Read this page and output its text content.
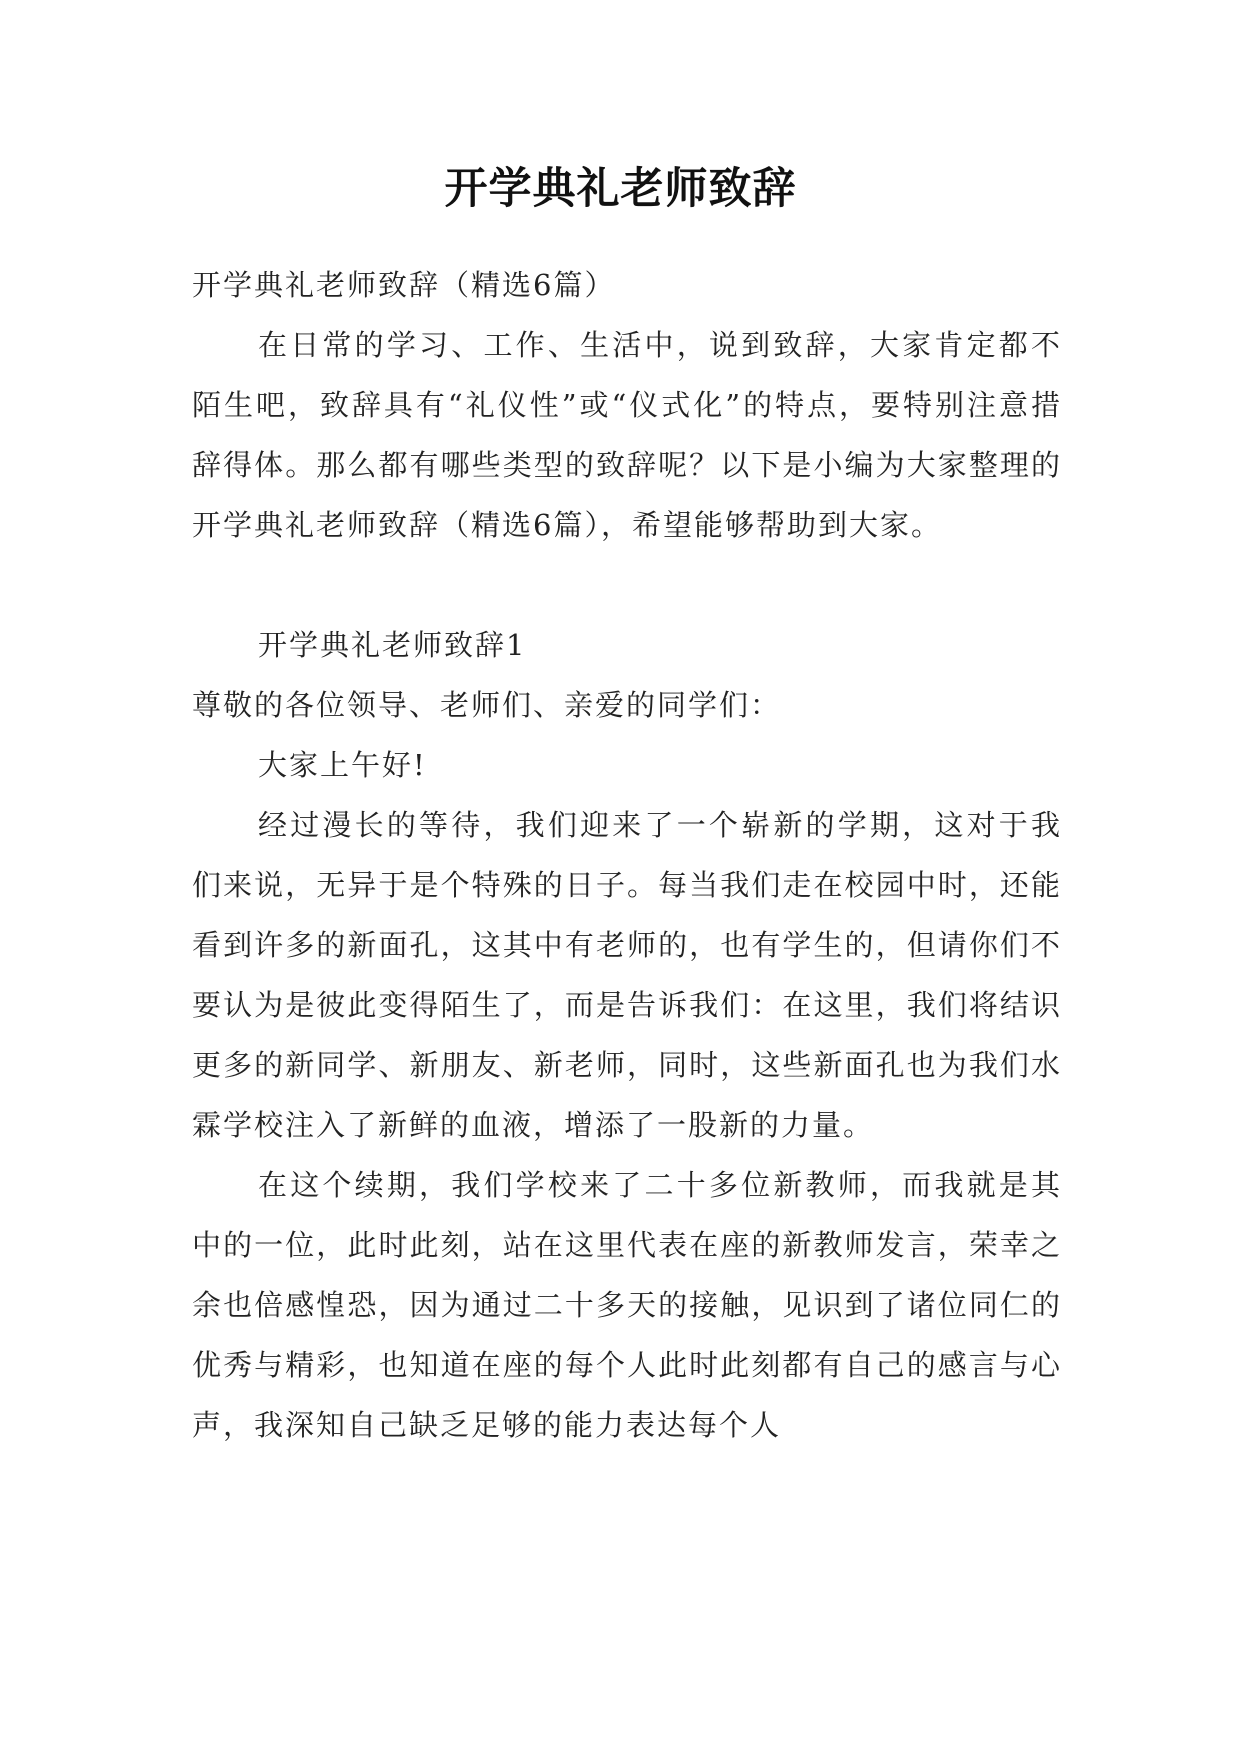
开学典礼老师致辞

开学典礼老师致辞（精选6篇）

在日常的学习、工作、生活中，说到致辞，大家肯定都不陌生吧，致辞具有“礼仪性”或“仪式化”的特点，要特别注意措辞得体。那么都有哪些类型的致辞呢？以下是小编为大家整理的开学典礼老师致辞（精选6篇），希望能够帮助到大家。

开学典礼老师致辞1

尊敬的各位领导、老师们、亲爱的同学们：

大家上午好!

经过漫长的等待，我们迎来了一个崭新的学期，这对于我们来说，无异于是个特殊的日子。每当我们走在校园中时，还能看到许多的新面孔，这其中有老师的，也有学生的，但请你们不要认为是彼此变得陌生了，而是告诉我们：在这里，我们将结识更多的新同学、新朋友、新老师，同时，这些新面孔也为我们水霖学校注入了新鲜的血液，增添了一股新的力量。

在这个续期，我们学校来了二十多位新教师，而我就是其中的一位，此时此刻，站在这里代表在座的新教师发言，荣幸之余也倍感惶恐，因为通过二十多天的接触，见识到了诸位同仁的优秀与精彩，也知道在座的每个人此时此刻都有自己的感言与心声，我深知自己缺乏足够的能力表达每个人
